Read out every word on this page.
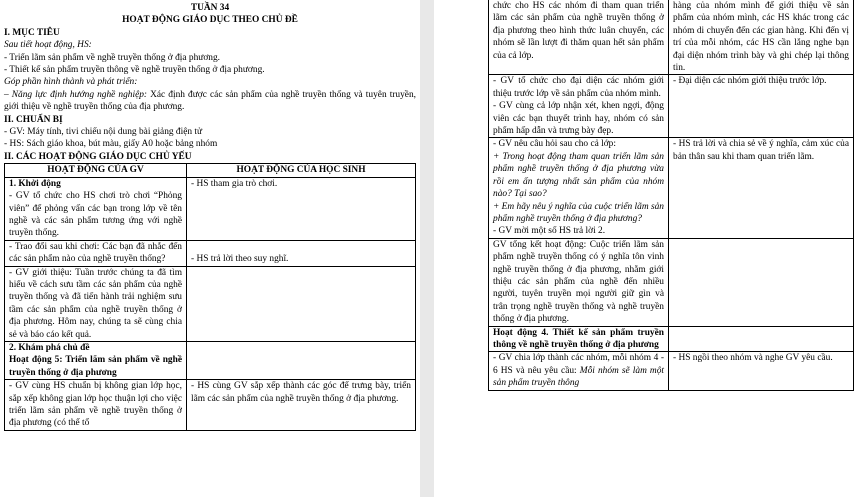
TUẦN 34
HOẠT ĐỘNG GIÁO DỤC THEO CHỦ ĐỀ
I. MỤC TIÊU
Sau tiết hoạt động, HS:
- Triển lãm sản phẩm về nghề truyền thống ở địa phương.
- Thiết kế sản phẩm truyền thông về nghề truyền thống ở địa phương.
Góp phần hình thành và phát triển:
– Năng lực định hướng nghề nghiệp: Xác định được các sản phẩm của nghề truyền thống và tuyên truyền, giới thiệu về nghề truyền thống của địa phương.
II. CHUẨN BỊ
- GV: Máy tính, tivi chiếu nội dung bài giảng điện tử
- HS: Sách giáo khoa, bút màu, giấy A0 hoặc bảng nhóm
II. CÁC HOẠT ĐỘNG GIÁO DỤC CHỦ YẾU
HOẠT ĐỘNG CỦA GV	HOẠT ĐỘNG CỦA HỌC SINH

1. Khởi động

- GV tổ chức cho HS chơi trò chơi “Phỏng viên” để phỏng vấn các bạn trong lớp về tên nghề và các sản phẩm tương ứng với nghề truyền thống.	- HS tham gia trò chơi.
- Trao đổi sau khi chơi: Các bạn đã nhắc đến các sản phẩm nào của nghề truyền thống?	- HS trả lời theo suy nghĩ.

- GV giới thiệu: Tuần trước chúng ta đã tìm hiểu về cách sưu tầm các sản phẩm của nghề truyền thống và đã tiến hành trải nghiệm sưu tầm các sản phẩm của nghề truyền thống ở địa phương. Hôm nay, chúng ta sẽ cùng chia sẻ và báo cáo kết quả.	

2. Khám phá chủ đề

Hoạt động 5: Triển lãm sản phẩm về nghề truyền thống ở địa phương	

- GV cùng HS chuẩn bị không gian lớp học, sắp xếp không gian lớp học thuận lợi cho việc triển lãm sản phẩm về nghề truyền thống ở địa phương (có thể tổ	- HS cùng GV sắp xếp thành các góc để trưng bày, triển lãm các sản phẩm của nghề truyền thống ở địa phương.
chức cho HS các nhóm đi tham quan triển lãm các sản phẩm của nghề truyền thống ở địa phương theo hình thức luân chuyển, các nhóm sẽ lần lượt đi thăm quan hết sản phẩm của cả lớp.	hàng của nhóm mình để giới thiệu về sản phẩm của nhóm mình, các HS khác trong các nhóm di chuyển đến các gian hàng. Khi đến vị trí của mỗi nhóm, các HS cần lắng nghe bạn đại diện nhóm trình bày và ghi chép lại thông tin.

- GV tổ chức cho đại diện các nhóm giới thiệu trước lớp về sản phẩm của nhóm mình.

- GV cùng cả lớp nhận xét, khen ngợi, động viên các bạn thuyết trình hay, nhóm có sản phẩm hấp dẫn và trưng bày đẹp.	- Đại diện các nhóm giới thiệu trước lớp.

- GV nêu câu hỏi sau cho cả lớp:

+ Trong hoạt động tham quan triển lãm sản phẩm nghề truyền thống ở địa phương vừa rồi em ấn tượng nhất sản phẩm của nhóm nào? Tại sao?

+ Em hãy nêu ý nghĩa của cuộc triển lãm sản phẩm nghề truyền thống ở địa phương?

- GV mời một số HS trả lời 2.	- HS trả lời và chia sẻ về ý nghĩa, cảm xúc của bản thân sau khi tham quan triển lãm.
GV tổng kết hoạt động: Cuộc triển lãm sản phẩm nghề truyền thống có ý nghĩa tôn vinh nghề truyền thống ở địa phương, nhằm giới thiệu các sản phẩm của nghề đến nhiều người, tuyên truyền mọi người giữ gìn và trân trọng nghề truyền thống và nghề truyền thống ở địa phương.	
Hoạt động 4. Thiết kế sản phẩm truyền thông về nghề truyền thống ở địa phương	
- GV chia lớp thành các nhóm, mỗi nhóm 4 - 6 HS và nêu yêu cầu: Mỗi nhóm sẽ làm một sản phẩm truyền thông	- HS ngồi theo nhóm và nghe GV yêu cầu.
